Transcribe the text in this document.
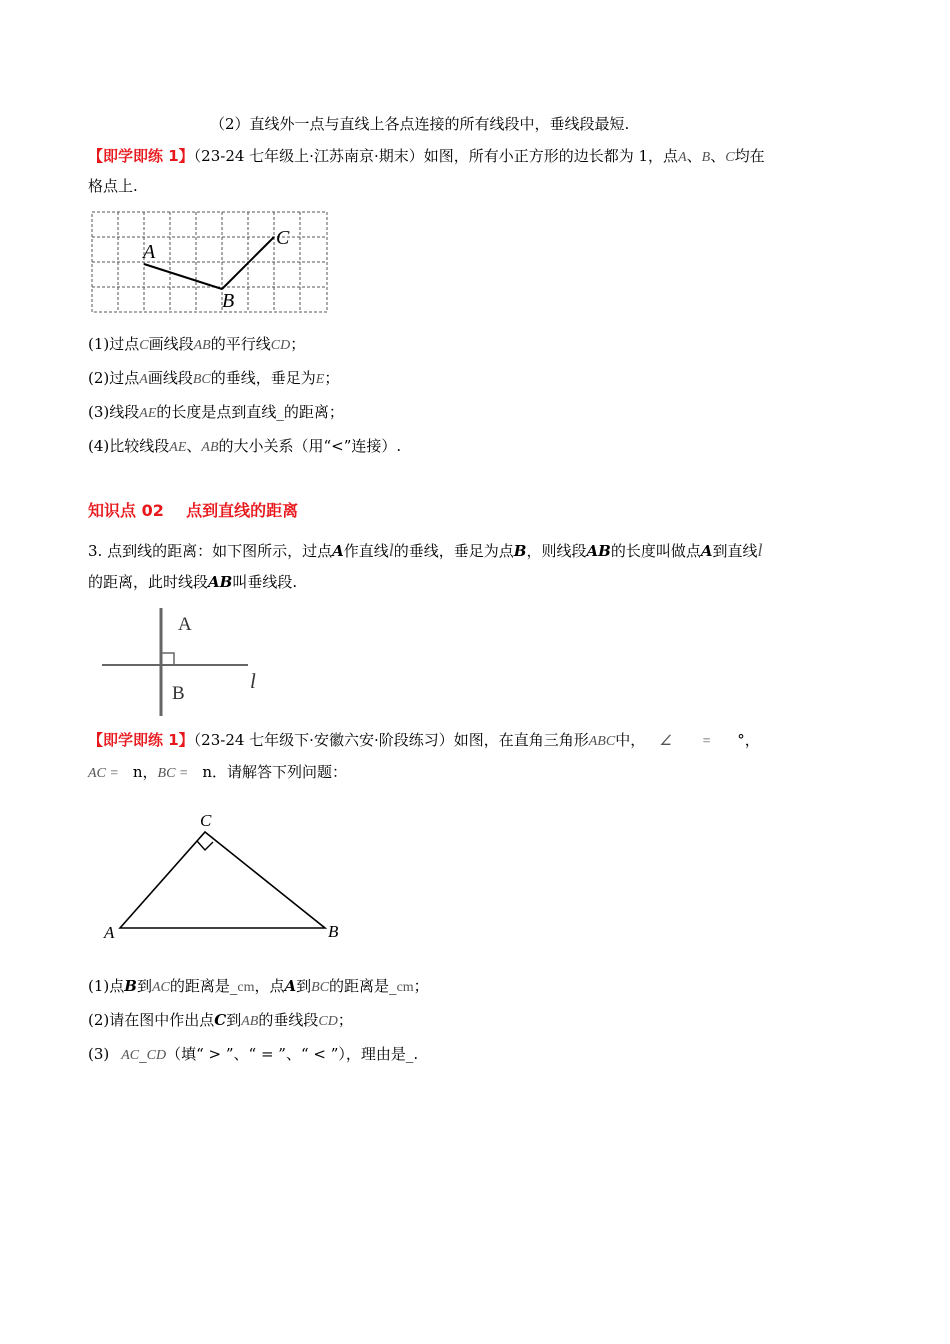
（2）直线外一点与直线上各点连接的所有线段中，垂线段最短.
【即学即练 1】（23-24 七年级上·江苏南京·期末）如图，所有小正方形的边长都为 1，点A、B、C均在
格点上.
A
B
C
(1)过点C画线段AB的平行线CD；
(2)过点A画线段BC的垂线，垂足为E；
(3)线段AE的长度是点到直线_的距离；
(4)比较线段AE、AB的大小关系（用“<”连接）.
知识点 02    点到直线的距离
3. 点到线的距离：如下图所示，过点A作直线l的垂线，垂足为点B，则线段AB的长度叫做点A到直线l
的距离，此时线段AB叫垂线段.
A
B
l
【即学即练 1】（23-24 七年级下·安徽六安·阶段练习）如图，在直角三角形ABC中， ∠ = °，
AC = n，BC = n．请解答下列问题：
C
A	B
(1)点B到AC的距离是_cm，点A到BC的距离是_cm；
(2)请在图中作出点C到AB的垂线段CD；
(3) AC_CD（填“ > ”、“ = ”、“ < ”），理由是_.
